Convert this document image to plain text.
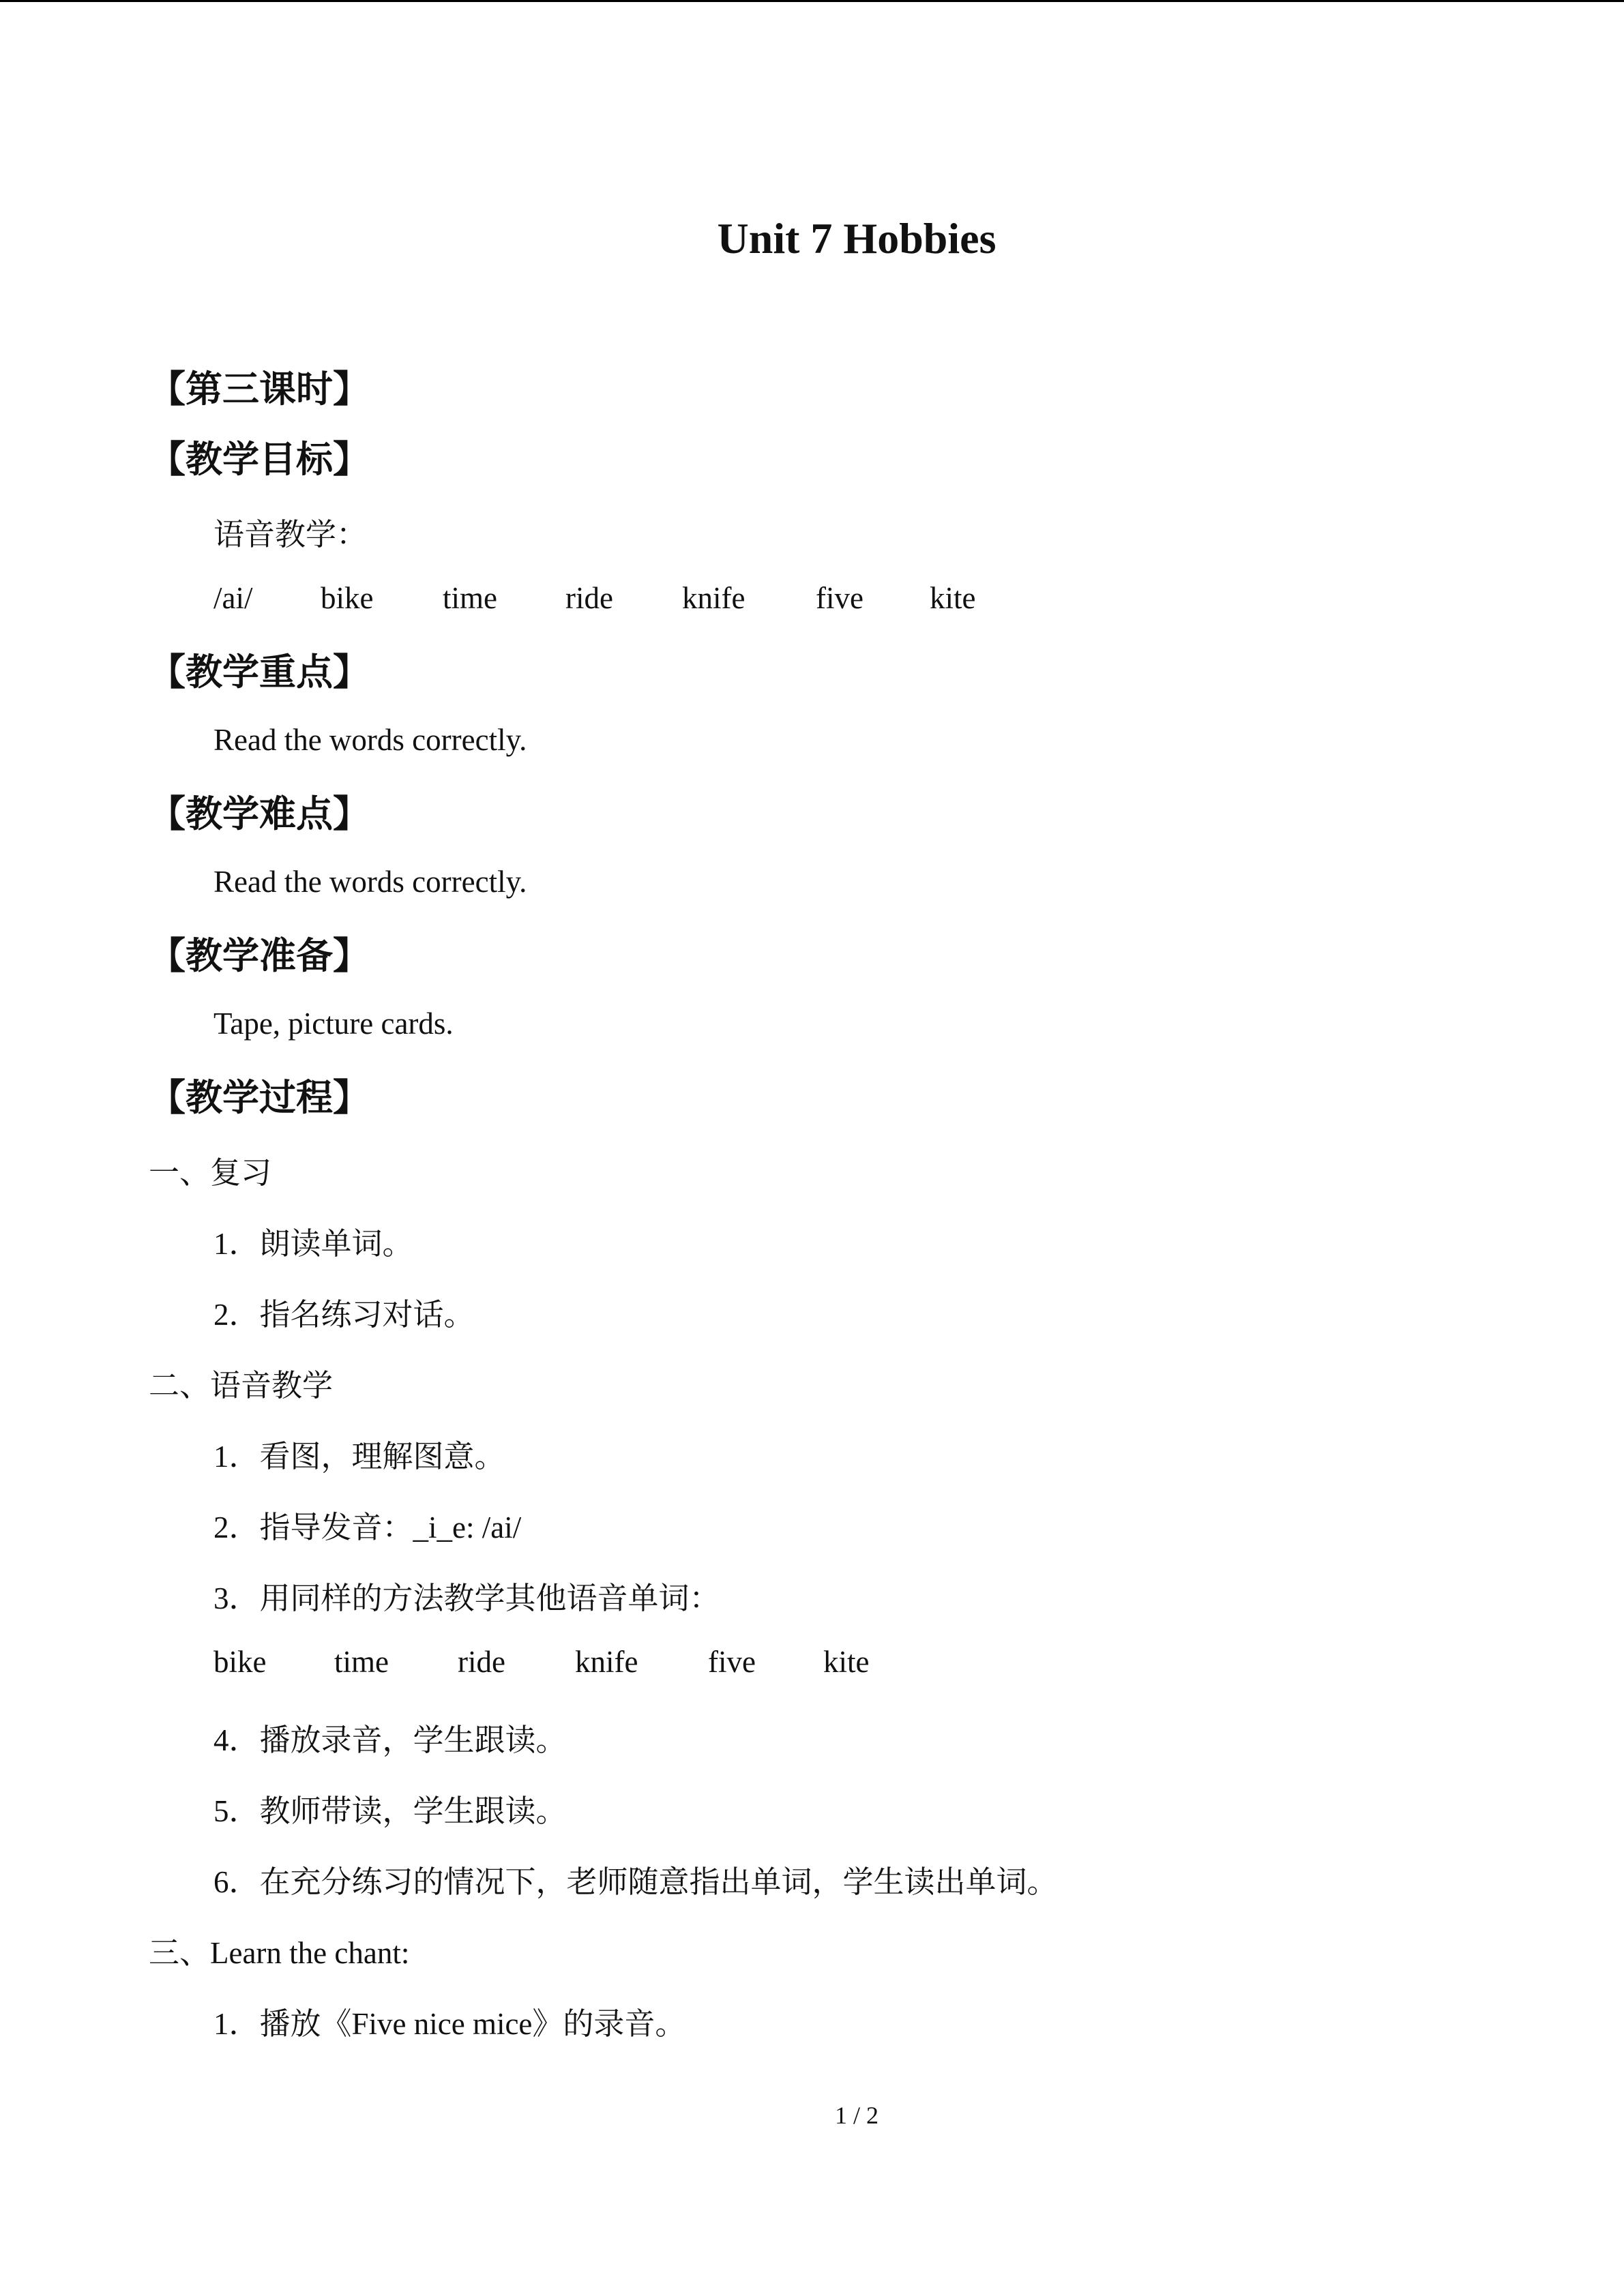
Unit 7 Hobbies
【第三课时】
【教学目标】
语音教学：
/ai/ bike time ride knife five kite
【教学重点】
Read the words correctly.
【教学难点】
Read the words correctly.
【教学准备】
Tape, picture cards.
【教学过程】
一、复习
1．朗读单词。
2．指名练习对话。
二、语音教学
1．看图，理解图意。
2．指导发音：_i_e: /ai/
3．用同样的方法教学其他语音单词：
bike time ride knife five kite
4．播放录音，学生跟读。
5．教师带读，学生跟读。
6．在充分练习的情况下，老师随意指出单词，学生读出单词。
三、Learn the chant:
1．播放《Five nice mice》的录音。
1 / 2
